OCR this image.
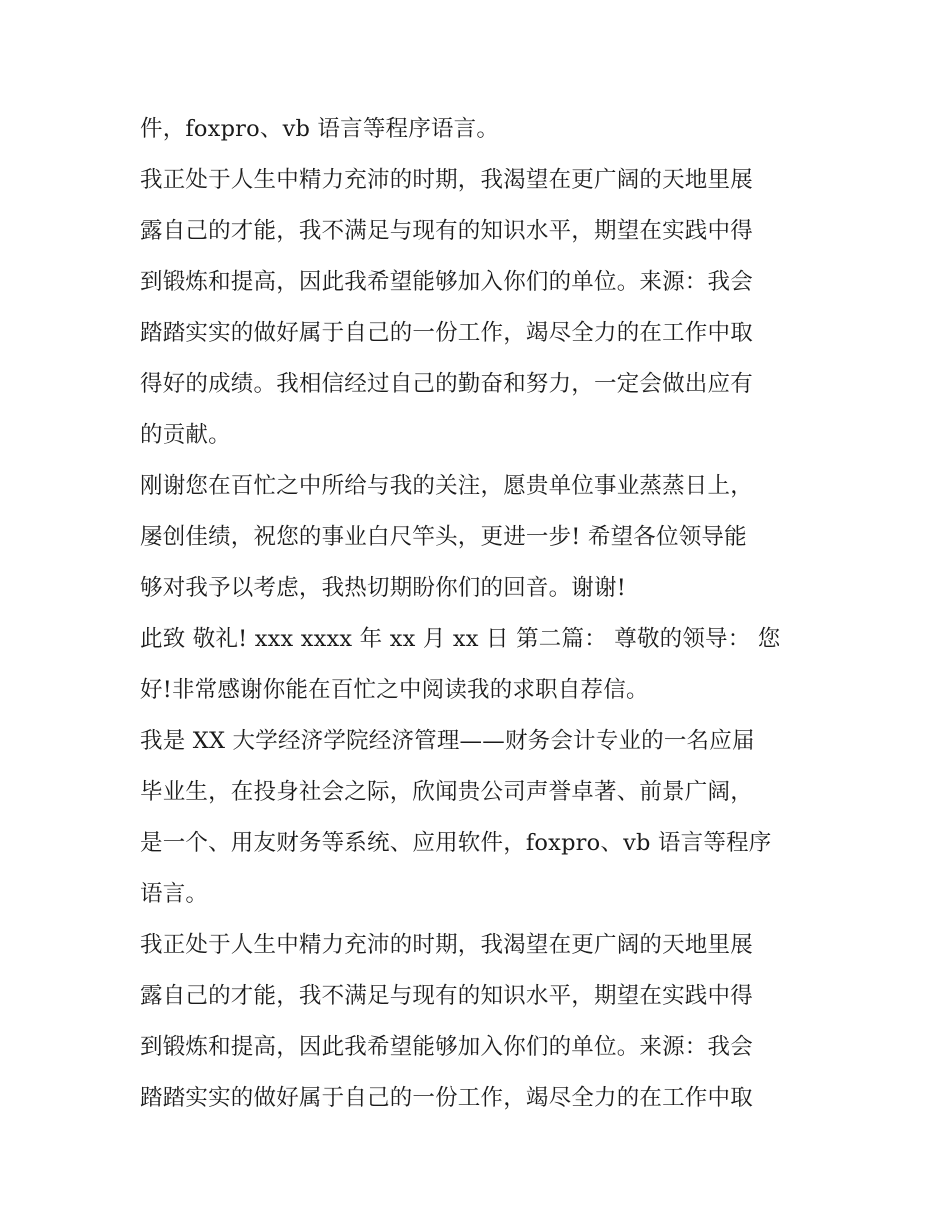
件，foxpro、vb 语言等程序语言。
我正处于人生中精力充沛的时期，我渴望在更广阔的天地里展
露自己的才能，我不满足与现有的知识水平，期望在实践中得
到锻炼和提高，因此我希望能够加入你们的单位。来源：我会
踏踏实实的做好属于自己的一份工作，竭尽全力的在工作中取
得好的成绩。我相信经过自己的勤奋和努力，一定会做出应有
的贡献。
刚谢您在百忙之中所给与我的关注，愿贵单位事业蒸蒸日上，
屡创佳绩，祝您的事业白尺竿头，更进一步! 希望各位领导能
够对我予以考虑，我热切期盼你们的回音。谢谢!
此致 敬礼! xxx xxxx 年 xx 月 xx 日 第二篇： 尊敬的领导： 您
好!非常感谢你能在百忙之中阅读我的求职自荐信。
我是 XX 大学经济学院经济管理——财务会计专业的一名应届
毕业生，在投身社会之际，欣闻贵公司声誉卓著、前景广阔，
是一个、用友财务等系统、应用软件，foxpro、vb 语言等程序
语言。
我正处于人生中精力充沛的时期，我渴望在更广阔的天地里展
露自己的才能，我不满足与现有的知识水平，期望在实践中得
到锻炼和提高，因此我希望能够加入你们的单位。来源：我会
踏踏实实的做好属于自己的一份工作，竭尽全力的在工作中取
